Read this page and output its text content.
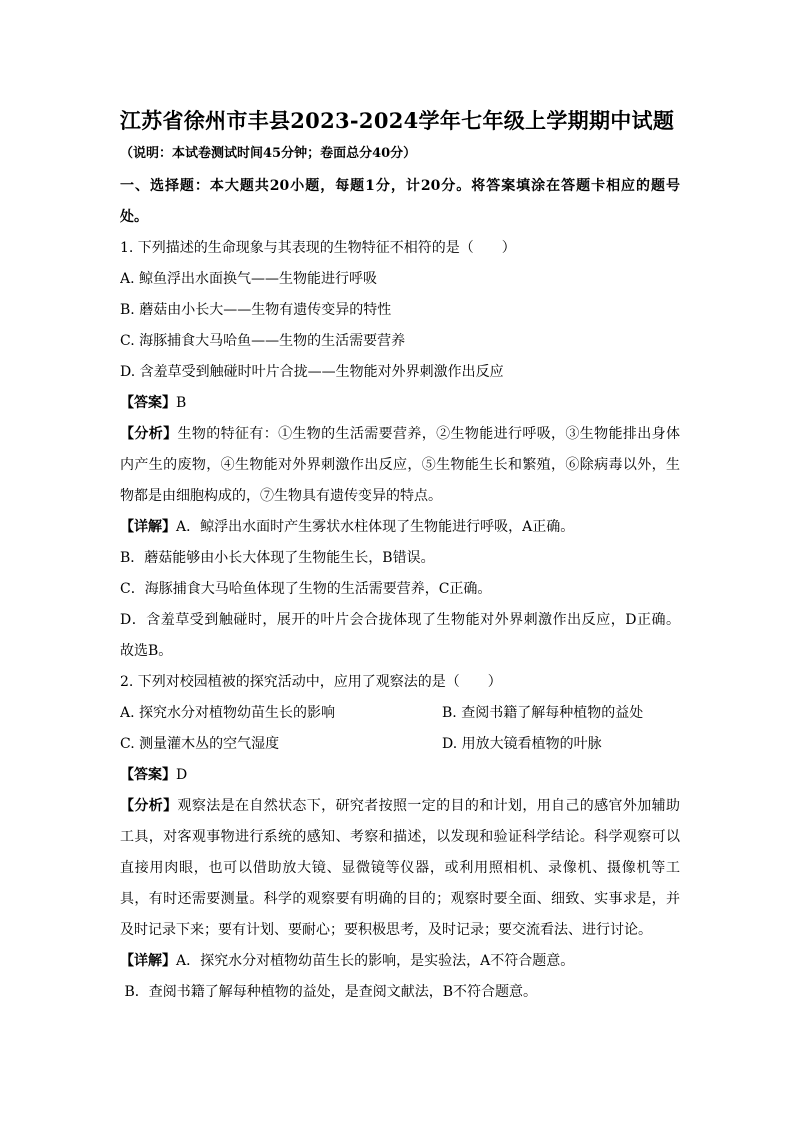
江苏省徐州市丰县2023-2024学年七年级上学期期中试题
（说明：本试卷测试时间45分钟；卷面总分40分）
一、选择题：本大题共20小题，每题1分，计20分。将答案填涂在答题卡相应的题号
处。
1. 下列描述的生命现象与其表现的生物特征不相符的是（　　）
A. 鲸鱼浮出水面换气——生物能进行呼吸
B. 蘑菇由小长大——生物有遗传变异的特性
C. 海豚捕食大马哈鱼——生物的生活需要营养
D. 含羞草受到触碰时叶片合拢——生物能对外界刺激作出反应
【答案】B
【分析】生物的特征有：①生物的生活需要营养，②生物能进行呼吸，③生物能排出身体
内产生的废物，④生物能对外界刺激作出反应，⑤生物能生长和繁殖，⑥除病毒以外，生
物都是由细胞构成的，⑦生物具有遗传变异的特点。
【详解】A．鲸浮出水面时产生雾状水柱体现了生物能进行呼吸，A正确。
B．蘑菇能够由小长大体现了生物能生长，B错误。
C．海豚捕食大马哈鱼体现了生物的生活需要营养，C正确。
D．含羞草受到触碰时，展开的叶片会合拢体现了生物能对外界刺激作出反应，D正确。
故选B。
2. 下列对校园植被的探究活动中，应用了观察法的是（　　）
A. 探究水分对植物幼苗生长的影响	B. 查阅书籍了解每种植物的益处
C. 测量灌木丛的空气湿度	D. 用放大镜看植物的叶脉
【答案】D
【分析】观察法是在自然状态下，研究者按照一定的目的和计划，用自己的感官外加辅助
工具，对客观事物进行系统的感知、考察和描述，以发现和验证科学结论。科学观察可以
直接用肉眼，也可以借助放大镜、显微镜等仪器，或利用照相机、录像机、摄像机等工
具，有时还需要测量。科学的观察要有明确的目的；观察时要全面、细致、实事求是，并
及时记录下来；要有计划、要耐心；要积极思考，及时记录；要交流看法、进行讨论。
【详解】A．探究水分对植物幼苗生长的影响，是实验法，A不符合题意。
B．查阅书籍了解每种植物的益处，是查阅文献法，B不符合题意。
